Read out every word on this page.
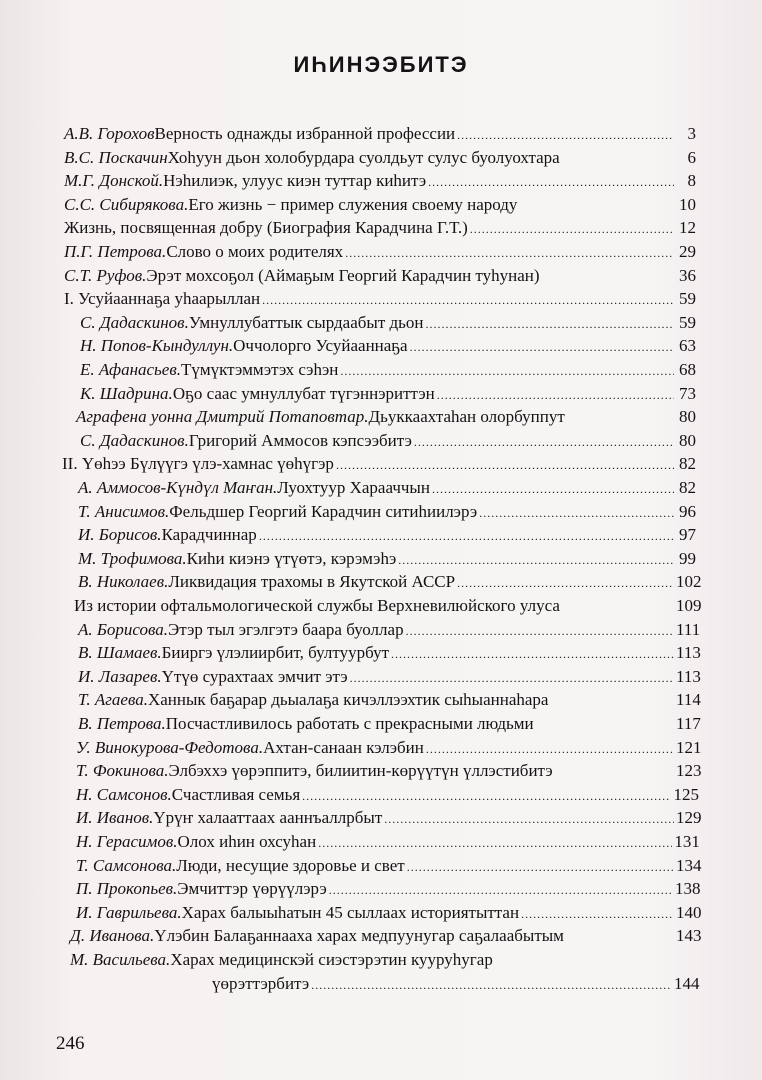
ИҺИНЭЭБИТЭ
А.В. Горохов Верность однажды избранной профессии . . .	3
В.С. Поскачин Хоһуун дьон холобурдара суолдьут сулус буолуохтара	6
М.Г. Донской. Нэһилиэк, улуус киэн туттар киһитэ . . .	8
С.С. Сибирякова. Его жизнь − пример служения своему народу	10
Жизнь, посвященная добру (Биография Карадчина Г.Т.) . . .	12
П.Г. Петрова. Слово о моих родителях . . .	29
С.Т. Руфов. Эрэт мохсоҕол (Аймаҕым Георгий Карадчин туһунан)	36
I. Усуйааннаҕа уһаарыллан . . .	59
С. Дадаскинов. Умнуллубаттык сырдаабыт дьон . . .	59
Н. Попов-Кындуллун. Оччолорго Усуйааннаҕа . . .	63
Е. Афанасьев. Түмүктэммэтэх сэһэн . . .	68
К. Шадрина. Оҕо саас умнуллубат түгэннэриттэн . . .	73
Аграфена уонна Дмитрий Потаповтар. Дьуккаахтаһан олорбуппут	80
С. Дадаскинов. Григорий Аммосов кэпсээбитэ . . .	80
II. Үөһээ Бүлүүгэ үлэ-хамнас үөһүгэр . . .	82
А. Аммосов-Күндүл Маҥан. Луохтуур Харааччын . . .	82
Т. Анисимов. Фельдшер Георгий Карадчин ситиһиилэрэ . . .	96
И. Борисов. Карадчиннар . . .	97
М. Трофимова. Киһи киэнэ үтүөтэ, кэрэмэһэ . . .	99
В. Николаев. Ликвидация трахомы в Якутской АССР . . .	102
Из истории офтальмологической службы Верхневилюйского улуса	109
А. Борисова. Этэр тыл эгэлгэтэ баара буоллар . . .	111
В. Шамаев. Бииргэ үлэлиирбит, бултуурбут . . .	113
И. Лазарев. Үтүө сурахтаах эмчит этэ . . .	113
Т. Агаева. Ханнык баҕарар дьыалаҕа кичэллээхтик сыһыаннаһара	114
В. Петрова. Посчастливилось работать с прекрасными людьми	117
У. Винокурова-Федотова. Ахтан-санаан кэлэбин . . .	121
Т. Фокинова. Элбэххэ үөрэппитэ, билиитин-көрүүтүн үллэстибитэ	123
Н. Самсонов. Счастливая семья . . .	125
И. Иванов. Үрүҥ халааттаах ааннъаллрбыт . . .	129
Н. Герасимов. Олох иһин охсуһан . . .	131
Т. Самсонова. Люди, несущие здоровье и свет . . .	134
П. Прокопьев. Эмчиттэр үөрүүлэрэ . . .	138
И. Гаврильева. Харах балыыһатын 45 сыллаах историятыттан . . .	140
Д. Иванова. Үлэбин Балаҕаннааха харах медпуунугар саҕалаабытым	143
М. Васильева. Харах медицинскэй сиэстэрэтин кууруһугар
үөрэттэрбитэ . . .	144
246
